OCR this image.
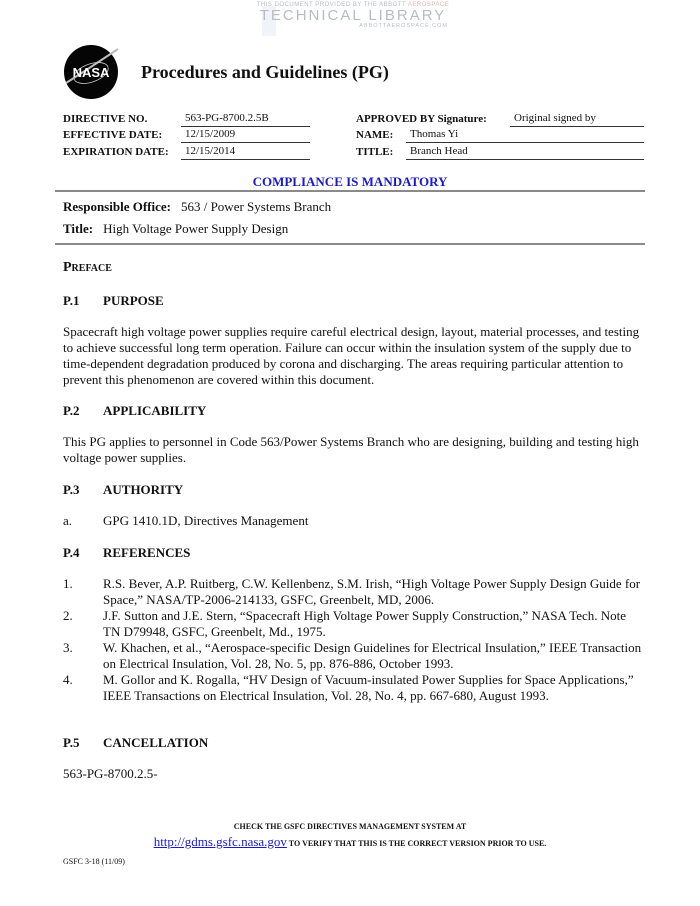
THIS DOCUMENT PROVIDED BY THE ABBOTT AEROSPACE
TECHNICAL LIBRARY
ABBOTTAEROSPACE.COM
NASA Procedures and Guidelines (PG)
DIRECTIVE NO.	563-PG-8700.2.5B
EFFECTIVE DATE:	12/15/2009
EXPIRATION DATE:	12/15/2014
APPROVED BY Signature:	Original signed by
NAME:	Thomas Yi
TITLE:	Branch Head
COMPLIANCE IS MANDATORY
Responsible Office: 563 / Power Systems Branch
Title: High Voltage Power Supply Design
Preface
P.1 PURPOSE
Spacecraft high voltage power supplies require careful electrical design, layout, material processes, and testing to achieve successful long term operation. Failure can occur within the insulation system of the supply due to time-dependent degradation produced by corona and discharging. The areas requiring particular attention to prevent this phenomenon are covered within this document.
P.2 APPLICABILITY
This PG applies to personnel in Code 563/Power Systems Branch who are designing, building and testing high voltage power supplies.
P.3 AUTHORITY
a. GPG 1410.1D, Directives Management
P.4 REFERENCES
1. R.S. Bever, A.P. Ruitberg, C.W. Kellenbenz, S.M. Irish, “High Voltage Power Supply Design Guide for Space,” NASA/TP-2006-214133, GSFC, Greenbelt, MD, 2006.
2. J.F. Sutton and J.E. Stern, “Spacecraft High Voltage Power Supply Construction,” NASA Tech. Note TN D79948, GSFC, Greenbelt, Md., 1975.
3. W. Khachen, et al., “Aerospace-specific Design Guidelines for Electrical Insulation,” IEEE Transaction on Electrical Insulation, Vol. 28, No. 5, pp. 876-886, October 1993.
4. M. Gollor and K. Rogalla, “HV Design of Vacuum-insulated Power Supplies for Space Applications,” IEEE Transactions on Electrical Insulation, Vol. 28, No. 4, pp. 667-680, August 1993.
P.5 CANCELLATION
563-PG-8700.2.5-
CHECK THE GSFC DIRECTIVES MANAGEMENT SYSTEM AT
http://gdms.gsfc.nasa.gov TO VERIFY THAT THIS IS THE CORRECT VERSION PRIOR TO USE.
GSFC 3-18 (11/09)
